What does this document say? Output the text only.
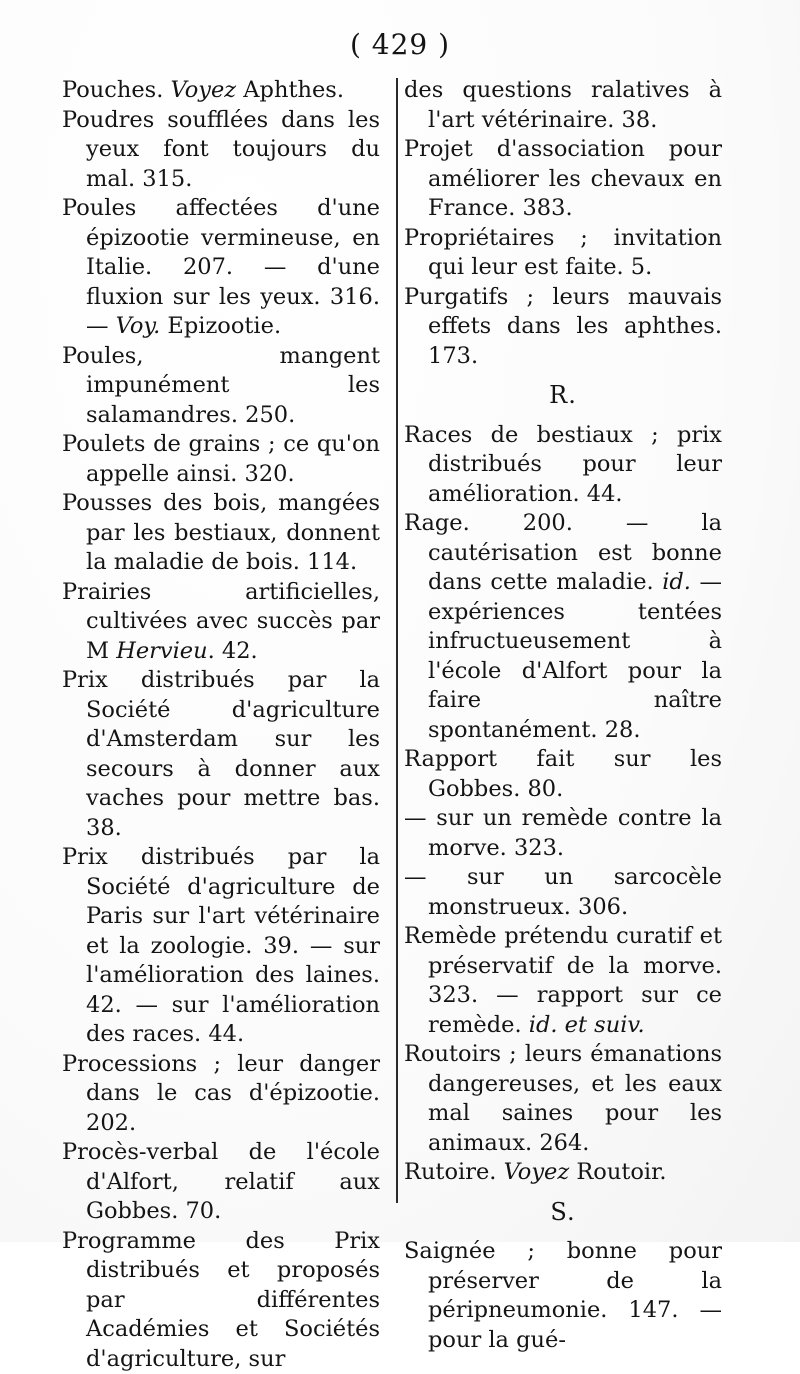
( 429 )

Pouches. Voyez Aphthes.

Poudres soufflées dans les yeux font toujours du mal. 315.

Poules affectées d'une épizootie vermineuse, en Italie. 207. — d'une fluxion sur les yeux. 316. — Voy. Epizootie.

Poules, mangent impunément les salamandres. 250.

Poulets de grains ; ce qu'on appelle ainsi. 320.

Pousses des bois, mangées par les bestiaux, donnent la maladie de bois. 114.

Prairies artificielles, cultivées avec succès par M Hervieu. 42.

Prix distribués par la Société d'agriculture d'Amsterdam sur les secours à donner aux vaches pour mettre bas. 38.

Prix distribués par la Société d'agriculture de Paris sur l'art vétérinaire et la zoologie. 39. — sur l'amélioration des laines. 42. — sur l'amélioration des races. 44.

Processions ; leur danger dans le cas d'épizootie. 202.

Procès-verbal de l'école d'Alfort, relatif aux Gobbes. 70.

Programme des Prix distribués et proposés par différentes Académies et Sociétés d'agriculture, sur

des questions ralatives à l'art vétérinaire. 38.

Projet d'association pour améliorer les chevaux en France. 383.

Propriétaires ; invitation qui leur est faite. 5.

Purgatifs ; leurs mauvais effets dans les aphthes. 173.

R.

Races de bestiaux ; prix distribués pour leur amélioration. 44.

Rage. 200. — la cautérisation est bonne dans cette maladie. id. — expériences tentées infructueusement à l'école d'Alfort pour la faire naître spontanément. 28.

Rapport fait sur les Gobbes. 80.

— sur un remède contre la morve. 323.

— sur un sarcocèle monstrueux. 306.

Remède prétendu curatif et préservatif de la morve. 323. — rapport sur ce remède. id. et suiv.

Routoirs ; leurs émanations dangereuses, et les eaux mal saines pour les animaux. 264.

Rutoire. Voyez Routoir.

S.

Saignée ; bonne pour préserver de la péripneumonie. 147. — pour la gué-
